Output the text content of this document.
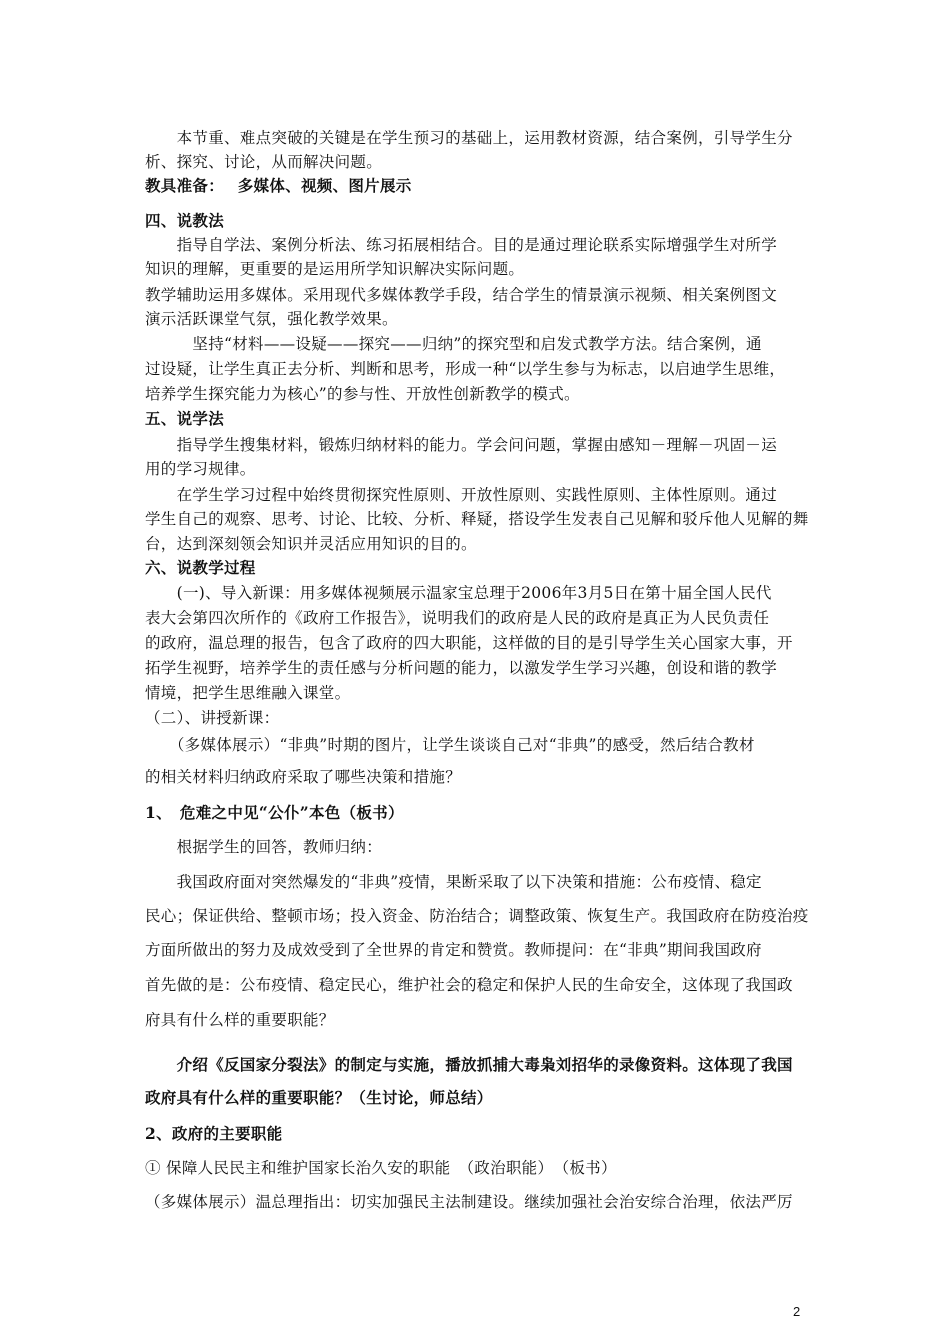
　　本节重、难点突破的关键是在学生预习的基础上，运用教材资源，结合案例，引导学生分
析、探究、讨论，从而解决问题。
教具准备：　 多媒体、视频、图片展示
四、说教法
　　指导自学法、案例分析法、练习拓展相结合。目的是通过理论联系实际增强学生对所学
知识的理解，更重要的是运用所学知识解决实际问题。
教学辅助运用多媒体。采用现代多媒体教学手段，结合学生的情景演示视频、相关案例图文
演示活跃课堂气氛，强化教学效果。
　　　坚持“材料——设疑——探究——归纳”的探究型和启发式教学方法。结合案例，通
过设疑，让学生真正去分析、判断和思考，形成一种“以学生参与为标志，以启迪学生思维，
培养学生探究能力为核心”的参与性、开放性创新教学的模式。
五、说学法
　　指导学生搜集材料，锻炼归纳材料的能力。学会问问题，掌握由感知－理解－巩固－运
用的学习规律。
　　在学生学习过程中始终贯彻探究性原则、开放性原则、实践性原则、主体性原则。通过
学生自己的观察、思考、讨论、比较、分析、释疑，搭设学生发表自己见解和驳斥他人见解的舞
台，达到深刻领会知识并灵活应用知识的目的。
六、说教学过程
　　(一)、导入新课：用多媒体视频展示温家宝总理于2006年3月5日在第十届全国人民代
表大会第四次所作的《政府工作报告》，说明我们的政府是人民的政府是真正为人民负责任
的政府，温总理的报告，包含了政府的四大职能，这样做的目的是引导学生关心国家大事，开
拓学生视野，培养学生的责任感与分析问题的能力，以激发学生学习兴趣，创设和谐的教学
情境，把学生思维融入课堂。
（二）、讲授新课：
　　（多媒体展示）“非典”时期的图片，让学生谈谈自己对“非典”的感受，然后结合教材
的相关材料归纳政府采取了哪些决策和措施？
1、　危难之中见“公仆”本色（板书）
　　根据学生的回答，教师归纳：
　　我国政府面对突然爆发的“非典”疫情，果断采取了以下决策和措施：公布疫情、稳定
民心；保证供给、整顿市场；投入资金、防治结合；调整政策、恢复生产。我国政府在防疫治疫
方面所做出的努力及成效受到了全世界的肯定和赞赏。教师提问：在“非典”期间我国政府
首先做的是：公布疫情、稳定民心，维护社会的稳定和保护人民的生命安全，这体现了我国政
府具有什么样的重要职能？
　　介绍《反国家分裂法》的制定与实施，播放抓捕大毒枭刘招华的录像资料。这体现了我国
政府具有什么样的重要职能？（生讨论，师总结）
2、政府的主要职能
① 保障人民民主和维护国家长治久安的职能　（政治职能）　（板书）
（多媒体展示）温总理指出：切实加强民主法制建设。继续加强社会治安综合治理，依法严厉
2
